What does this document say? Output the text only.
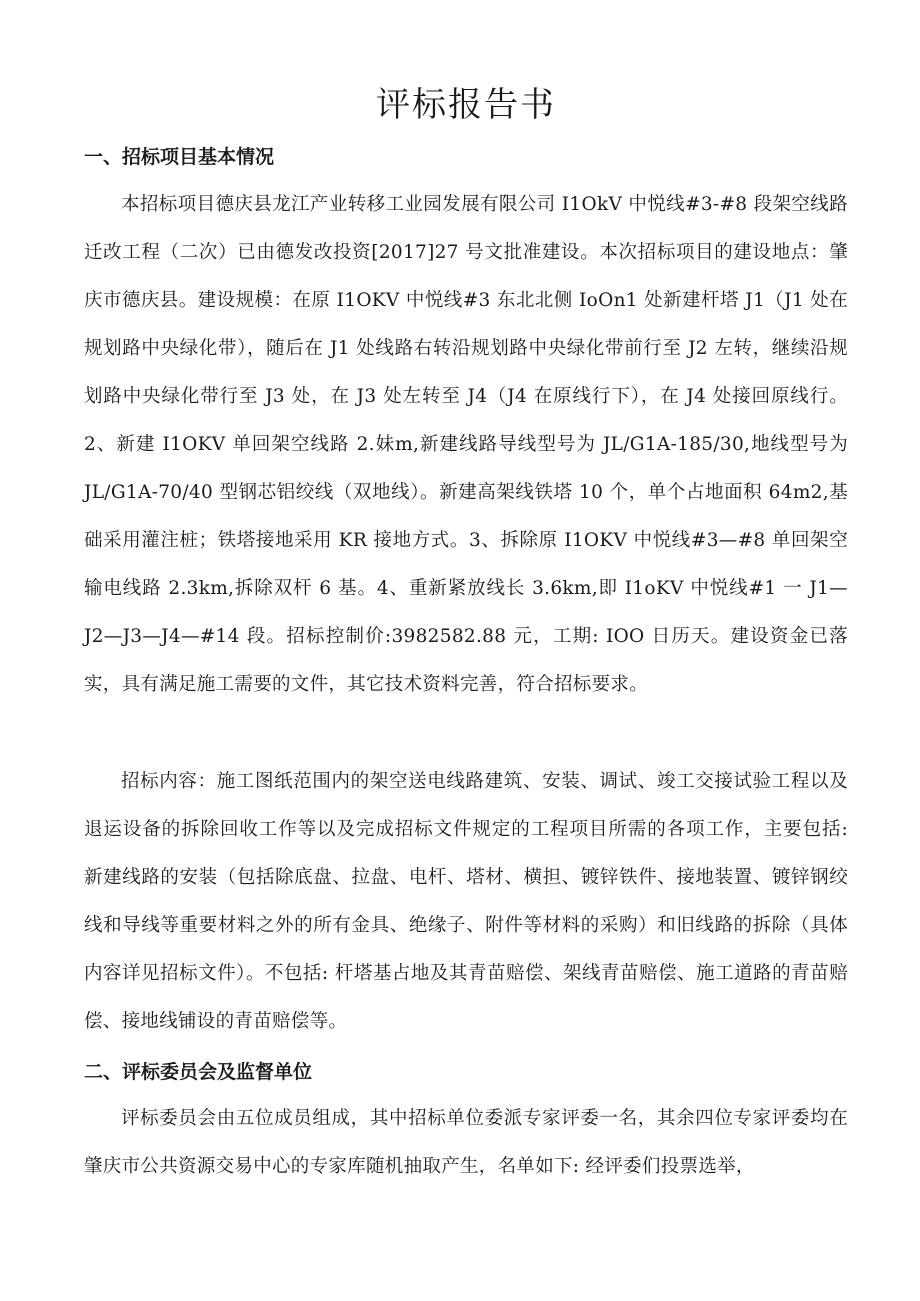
评标报告书
一、招标项目基本情况

本招标项目德庆县龙江产业转移工业园发展有限公司 I1OkV 中悦线#3-#8 段架空线路迁改工程（二次）已由德发改投资[2017]27 号文批准建设。本次招标项目的建设地点：肇庆市德庆县。建设规模：在原 I1OKV 中悦线#3 东北北侧 IoOn1 处新建杆塔 J1（J1 处在规划路中央绿化带），随后在 J1 处线路右转沿规划路中央绿化带前行至 J2 左转，继续沿规划路中央绿化带行至 J3 处，在 J3 处左转至 J4（J4 在原线行下），在 J4 处接回原线行。2、新建 I1OKV 单回架空线路 2.妹m,新建线路导线型号为 JL/G1A-185/30,地线型号为 JL/G1A-70/40 型钢芯铝绞线（双地线）。新建高架线铁塔 10 个，单个占地面积 64m2,基础采用灌注桩；铁塔接地采用 KR 接地方式。3、拆除原 I1OKV 中悦线#3—#8 单回架空输电线路 2.3km,拆除双杆 6 基。4、重新紧放线长 3.6km,即 I1oKV 中悦线#1 一 J1—J2—J3—J4—#14 段。招标控制价:3982582.88 元，工期: IOO 日历天。建设资金已落实，具有满足施工需要的文件，其它技术资料完善，符合招标要求。

招标内容：施工图纸范围内的架空送电线路建筑、安装、调试、竣工交接试验工程以及退运设备的拆除回收工作等以及完成招标文件规定的工程项目所需的各项工作，主要包括: 新建线路的安装（包括除底盘、拉盘、电杆、塔材、横担、镀锌铁件、接地装置、镀锌钢绞线和导线等重要材料之外的所有金具、绝缘子、附件等材料的采购）和旧线路的拆除（具体内容详见招标文件）。不包括: 杆塔基占地及其青苗赔偿、架线青苗赔偿、施工道路的青苗赔偿、接地线铺设的青苗赔偿等。

二、评标委员会及监督单位

评标委员会由五位成员组成，其中招标单位委派专家评委一名，其余四位专家评委均在肇庆市公共资源交易中心的专家库随机抽取产生，名单如下: 经评委们投票选举，
